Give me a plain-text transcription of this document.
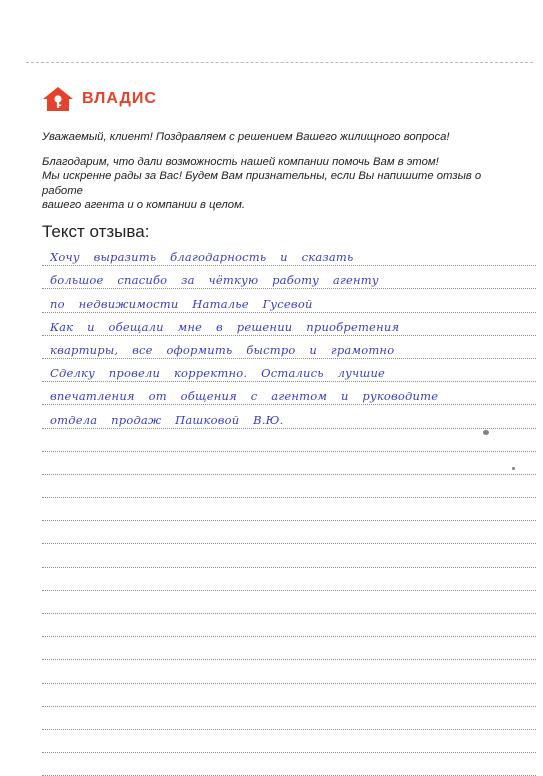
ВЛАДИС

Уважаемый, клиент! Поздравляем с решением Вашего жилищного вопроса!

Благодарим, что дали возможность нашей компании помочь Вам в этом!

Мы искренне рады за Вас! Будем Вам признательны, если Вы напишите отзыв о работе

вашего агента и о компании в целом.

Текст отзыва:
Хочу выразить благодарность и сказать
большое спасибо за чёткую работу агенту
по недвижимости Наталье Гусевой
Как и обещали мне в решении приобретения
квартиры, все оформить быстро и грамотно
Сделку провели корректно. Остались лучшие
впечатления от общения с агентом и руководите
отдела продаж Пашковой В.Ю.
